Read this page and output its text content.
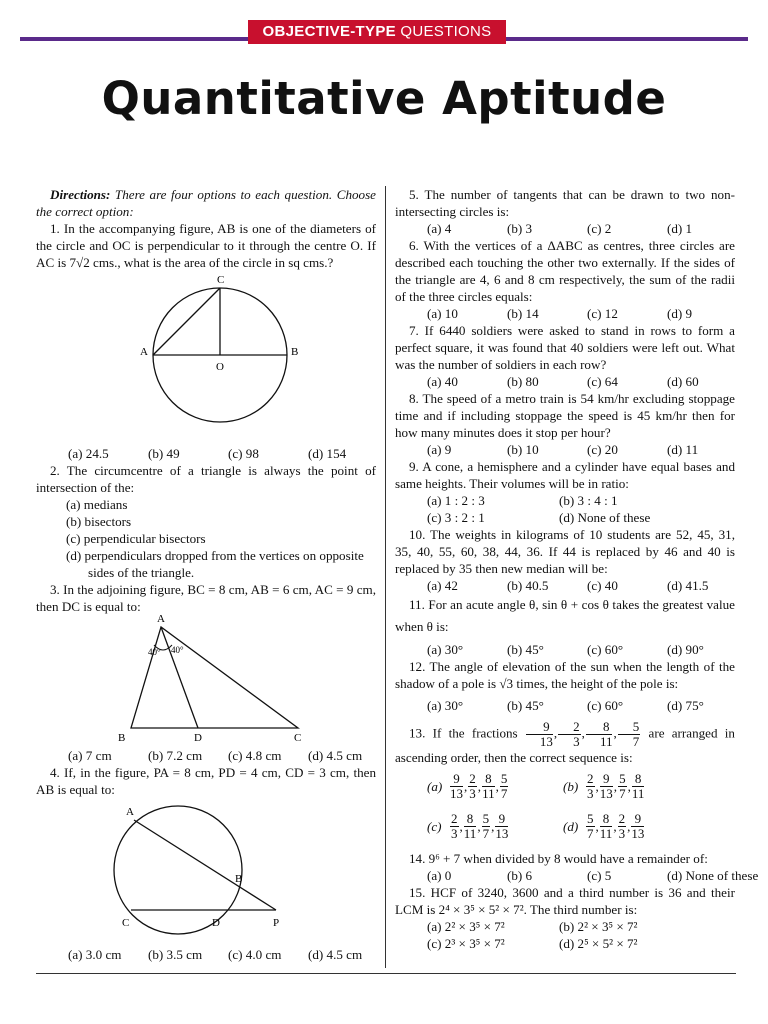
OBJECTIVE-TYPE QUESTIONS
Quantitative Aptitude

Directions: There are four options to each question. Choose the correct option:

1. In the accompanying figure, AB is one of the diameters of the circle and OC is perpendicular to it through the centre O. If AC is 7√2 cms., what is the area of the circle in sq cms.?

C
A	B
O
(a) 24.5	(b) 49	(c) 98	(d) 154

2. The circumcentre of a triangle is always the point of intersection of the:

(a) medians
(b) bisectors
(c) perpendicular bisectors
(d) perpendiculars dropped from the vertices on opposite sides of the triangle.

3. In the adjoining figure, BC = 8 cm, AB = 6 cm, AC = 9 cm, then DC is equal to:

A
B	D	C
40° 40°
(a) 7 cm	(b) 7.2 cm	(c) 4.8 cm	(d) 4.5 cm

4. If, in the figure, PA = 8 cm, PD = 4 cm, CD = 3 cm, then AB is equal to:

A
B
C	D	P
(a) 3.0 cm	(b) 3.5 cm	(c) 4.0 cm	(d) 4.5 cm

5. The number of tangents that can be drawn to two non-intersecting circles is:

(a) 4	(b) 3	(c) 2	(d) 1

6. With the vertices of a ΔABC as centres, three circles are described each touching the other two externally. If the sides of the triangle are 4, 6 and 8 cm respectively, the sum of the radii of the three circles equals:

(a) 10	(b) 14	(c) 12	(d) 9

7. If 6440 soldiers were asked to stand in rows to form a perfect square, it was found that 40 soldiers were left out. What was the number of soldiers in each row?

(a) 40	(b) 80	(c) 64	(d) 60

8. The speed of a metro train is 54 km/hr excluding stoppage time and if including stoppage the speed is 45 km/hr then for how many minutes does it stop per hour?

(a) 9	(b) 10	(c) 20	(d) 11

9. A cone, a hemisphere and a cylinder have equal bases and same heights. Their volumes will be in ratio:

(a) 1 : 2 : 3	(b) 3 : 4 : 1
(c) 3 : 2 : 1	(d) None of these

10. The weights in kilograms of 10 students are 52, 45, 31, 35, 40, 55, 60, 38, 44, 36. If 44 is replaced by 46 and 40 is replaced by 35 then new median will be:

(a) 42	(b) 40.5	(c) 40	(d) 41.5

11. For an acute angle θ, sin θ + cos θ takes the greatest value when θ is:

(a) 30°	(b) 45°	(c) 60°	(d) 90°

12. The angle of elevation of the sun when the length of the shadow of a pole is √3 times, the height of the pole is:

(a) 30°	(b) 45°	(c) 60°	(d) 75°

13. If the fractions $\frac{9}{13}$ , $\frac{2}{3}$ , $\frac{8}{11}$ , $\frac{5}{7}$ are arranged in ascending order, then the correct sequence is:

$(a) \frac{9}{13}$ , $\frac{2}{3}$ , $\frac{8}{11}$ , $\frac{5}{7}$	$(b) \frac{2}{3}$ , $\frac{9}{13}$ , $\frac{5}{7}$ , $\frac{8}{11}$
$(c) \frac{2}{3}$ , $\frac{8}{11}$ , $\frac{5}{7}$ , $\frac{9}{13}$	$(d) \frac{5}{7}$ , $\frac{8}{11}$ , $\frac{2}{3}$ , $\frac{9}{13}$

14. 9⁶ + 7 when divided by 8 would have a remainder of:

(a) 0	(b) 6	(c) 5	(d) None of these

15. HCF of 3240, 3600 and a third number is 36 and their LCM is 2⁴ × 3⁵ × 5² × 7². The third number is:

(a) 2² × 3⁵ × 7²	(b) 2² × 3⁵ × 7²
(c) 2³ × 3⁵ × 7²	(d) 2⁵ × 5² × 7²
